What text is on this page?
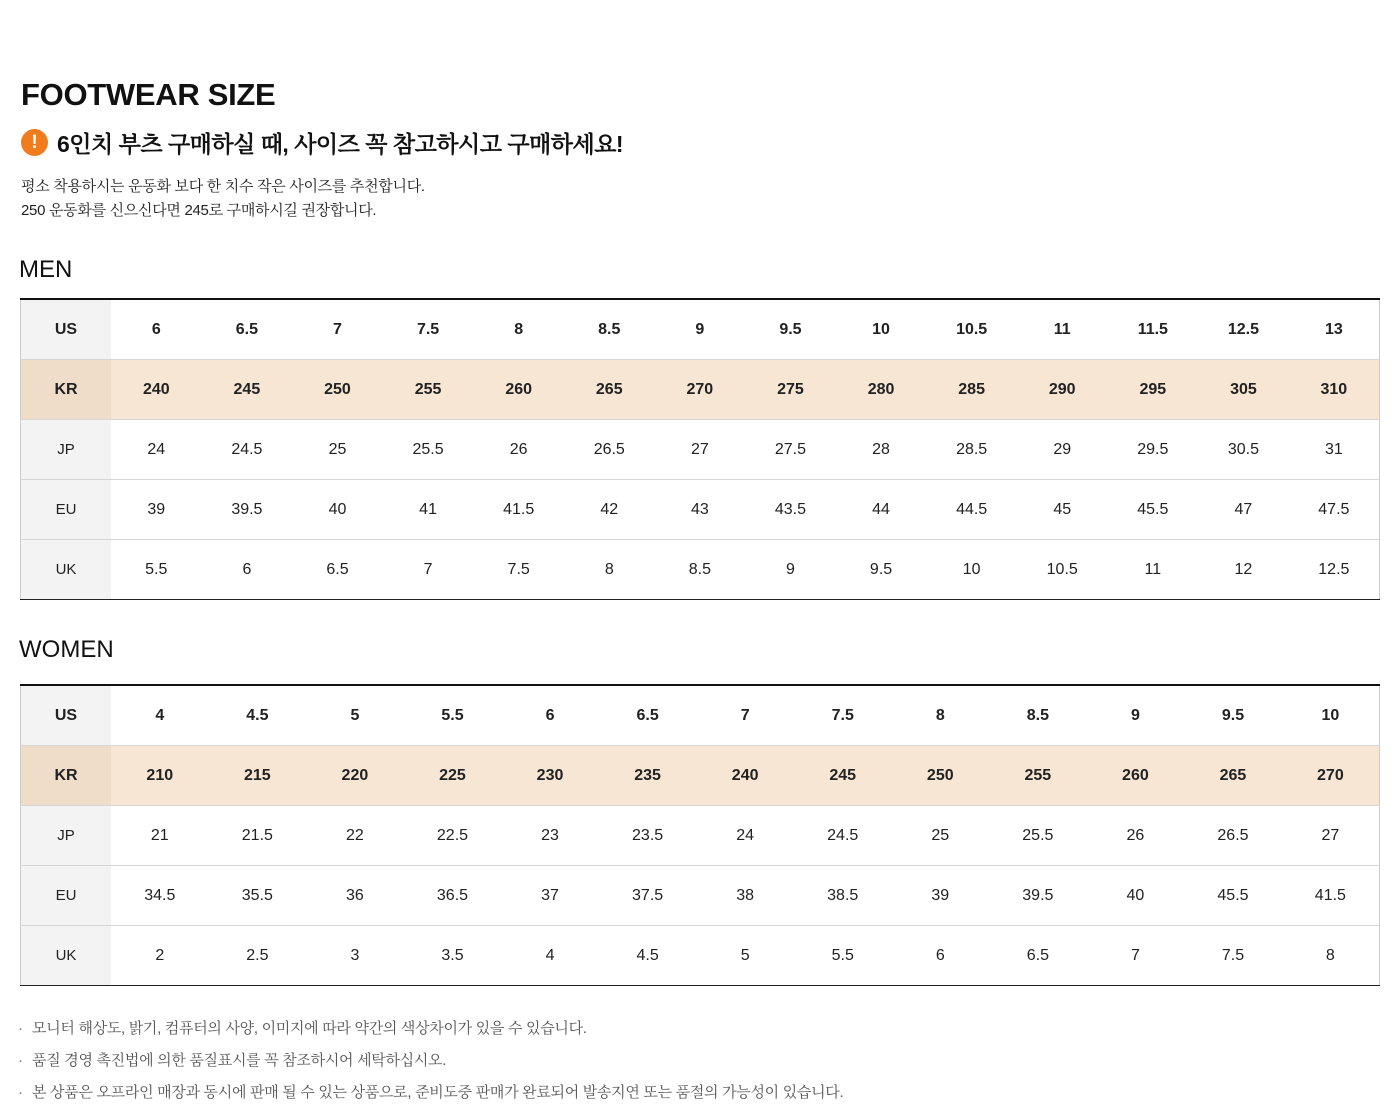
FOOTWEAR SIZE
! 6인치 부츠 구매하실 때, 사이즈 꼭 참고하시고 구매하세요!
평소 착용하시는 운동화 보다 한 치수 작은 사이즈를 추천합니다.
250 운동화를 신으신다면 245로 구매하시길 권장합니다.
MEN
US	6	6.5	7	7.5	8	8.5	9	9.5	10	10.5	11	11.5	12.5	13
KR	240	245	250	255	260	265	270	275	280	285	290	295	305	310
JP	24	24.5	25	25.5	26	26.5	27	27.5	28	28.5	29	29.5	30.5	31
EU	39	39.5	40	41	41.5	42	43	43.5	44	44.5	45	45.5	47	47.5
UK	5.5	6	6.5	7	7.5	8	8.5	9	9.5	10	10.5	11	12	12.5
WOMEN
US	4	4.5	5	5.5	6	6.5	7	7.5	8	8.5	9	9.5	10
KR	210	215	220	225	230	235	240	245	250	255	260	265	270
JP	21	21.5	22	22.5	23	23.5	24	24.5	25	25.5	26	26.5	27
EU	34.5	35.5	36	36.5	37	37.5	38	38.5	39	39.5	40	45.5	41.5
UK	2	2.5	3	3.5	4	4.5	5	5.5	6	6.5	7	7.5	8
· 모니터 해상도, 밝기, 컴퓨터의 사양, 이미지에 따라 약간의 색상차이가 있을 수 있습니다.
· 품질 경영 촉진법에 의한 품질표시를 꼭 참조하시어 세탁하십시오.
· 본 상품은 오프라인 매장과 동시에 판매 될 수 있는 상품으로, 준비도중 판매가 완료되어 발송지연 또는 품절의 가능성이 있습니다.
